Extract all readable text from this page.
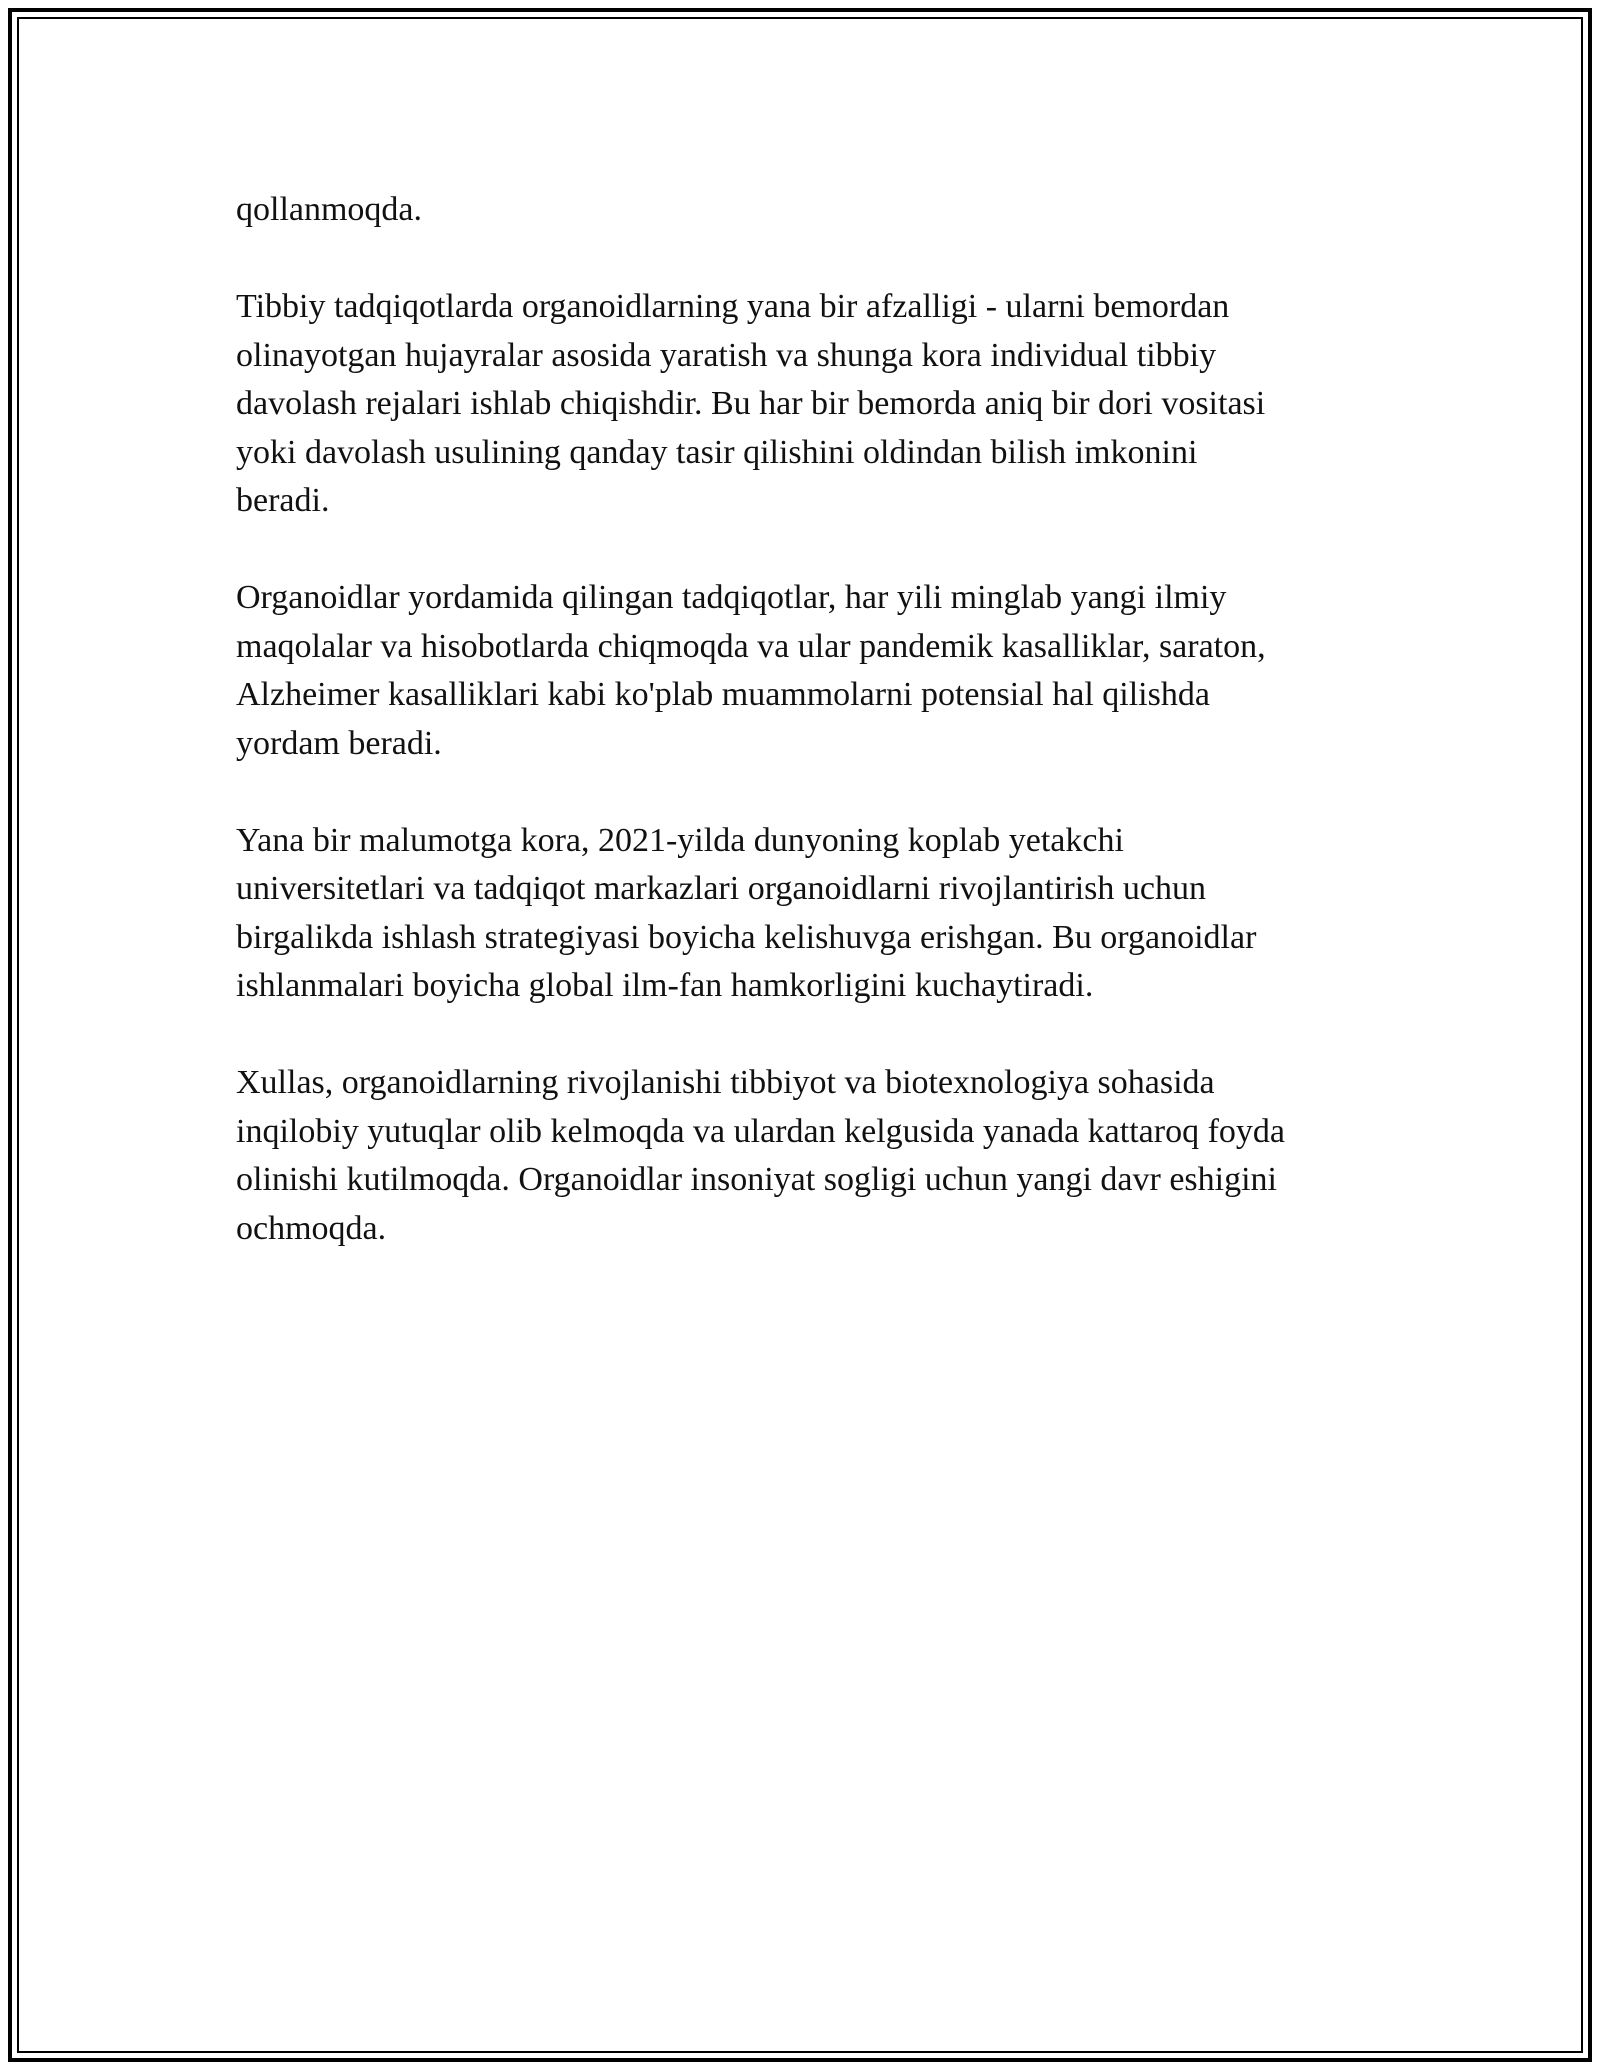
qollanmoqda.

Tibbiy tadqiqotlarda organoidlarning yana bir afzalligi - ularni bemordan
olinayotgan hujayralar asosida yaratish va shunga kora individual tibbiy
davolash rejalari ishlab chiqishdir. Bu har bir bemorda aniq bir dori vositasi
yoki davolash usulining qanday tasir qilishini oldindan bilish imkonini
beradi.

Organoidlar yordamida qilingan tadqiqotlar, har yili minglab yangi ilmiy
maqolalar va hisobotlarda chiqmoqda va ular pandemik kasalliklar, saraton,
Alzheimer kasalliklari kabi ko'plab muammolarni potensial hal qilishda
yordam beradi.

Yana bir malumotga kora, 2021-yilda dunyoning koplab yetakchi
universitetlari va tadqiqot markazlari organoidlarni rivojlantirish uchun
birgalikda ishlash strategiyasi boyicha kelishuvga erishgan. Bu organoidlar
ishlanmalari boyicha global ilm-fan hamkorligini kuchaytiradi.

Xullas, organoidlarning rivojlanishi tibbiyot va biotexnologiya sohasida
inqilobiy yutuqlar olib kelmoqda va ulardan kelgusida yanada kattaroq foyda
olinishi kutilmoqda. Organoidlar insoniyat sogligi uchun yangi davr eshigini
ochmoqda.
